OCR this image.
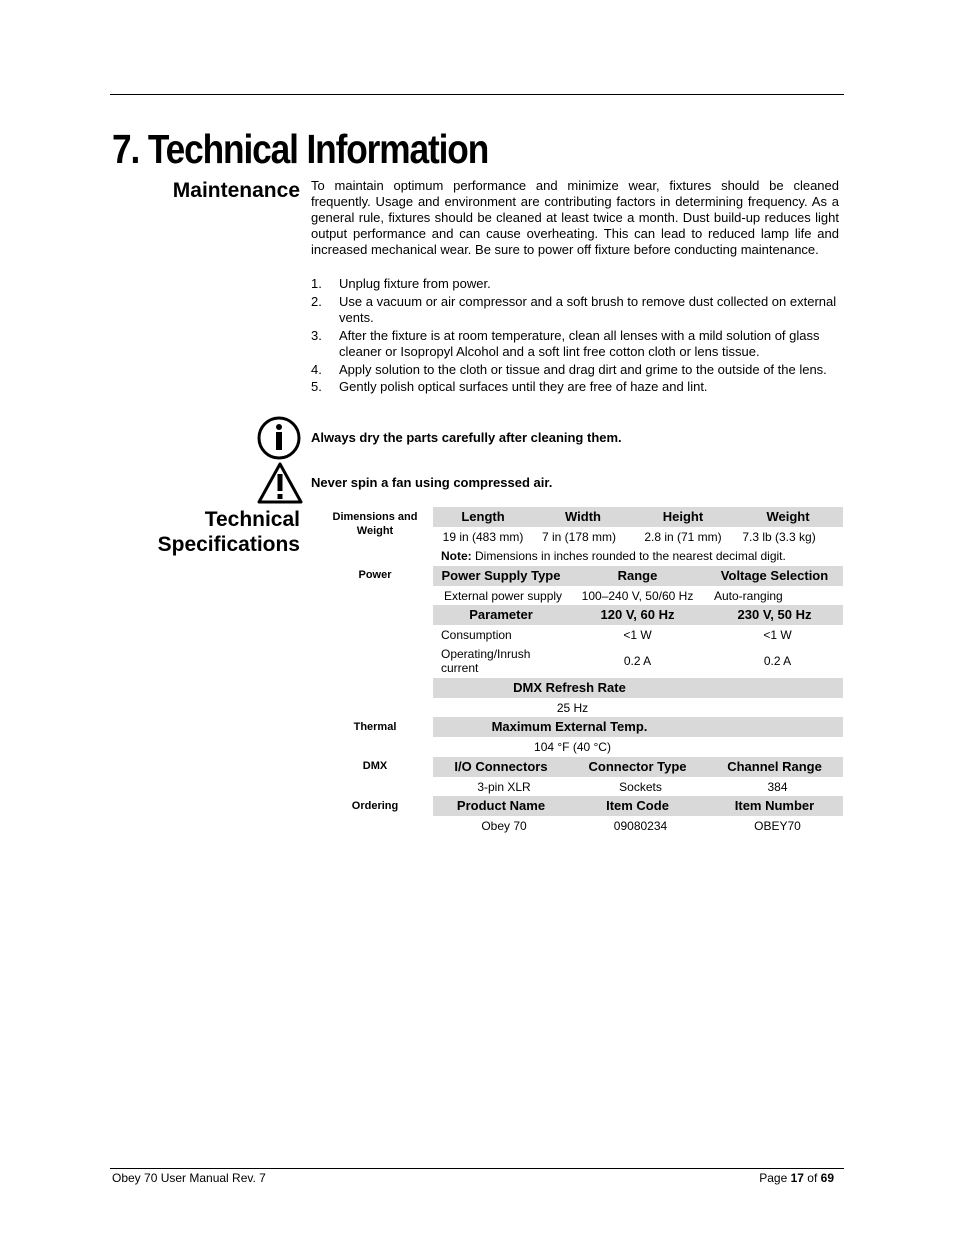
7. Technical Information
Maintenance To maintain optimum performance and minimize wear, fixtures should be cleaned frequently. Usage and environment are contributing factors in determining frequency. As a general rule, fixtures should be cleaned at least twice a month. Dust build-up reduces light output performance and can cause overheating. This can lead to reduced lamp life and increased mechanical wear. Be sure to power off fixture before conducting maintenance.

1. Unplug fixture from power.
2. Use a vacuum or air compressor and a soft brush to remove dust collected on external vents.
3. After the fixture is at room temperature, clean all lenses with a mild solution of glass cleaner or Isopropyl Alcohol and a soft lint free cotton cloth or lens tissue.
4. Apply solution to the cloth or tissue and drag dirt and grime to the outside of the lens.
5. Gently polish optical surfaces until they are free of haze and lint.
Always dry the parts carefully after cleaning them.
Never spin a fan using compressed air.
Technical
Specifications
Dimensions and
Weight
Length	Width	Height	Weight
19 in (483 mm)	7 in (178 mm)	2.8 in (71 mm)	7.3 lb (3.3 kg)
Note: Dimensions in inches rounded to the nearest decimal digit.
Power	Power Supply Type	Range	Voltage Selection
External power supply	100–240 V, 50/60 Hz	Auto-ranging
Parameter	120 V, 60 Hz	230 V, 50 Hz
Consumption	<1 W	<1 W
Operating/Inrush
current	0.2 A	0.2 A
DMX Refresh Rate
25 Hz
Thermal	Maximum External Temp.
104 °F (40 °C)
DMX	I/O Connectors	Connector Type	Channel Range
3-pin XLR	Sockets	384
Ordering	Product Name	Item Code	Item Number
Obey 70	09080234	OBEY70
Obey 70 User Manual Rev. 7	Page 17 of 69
